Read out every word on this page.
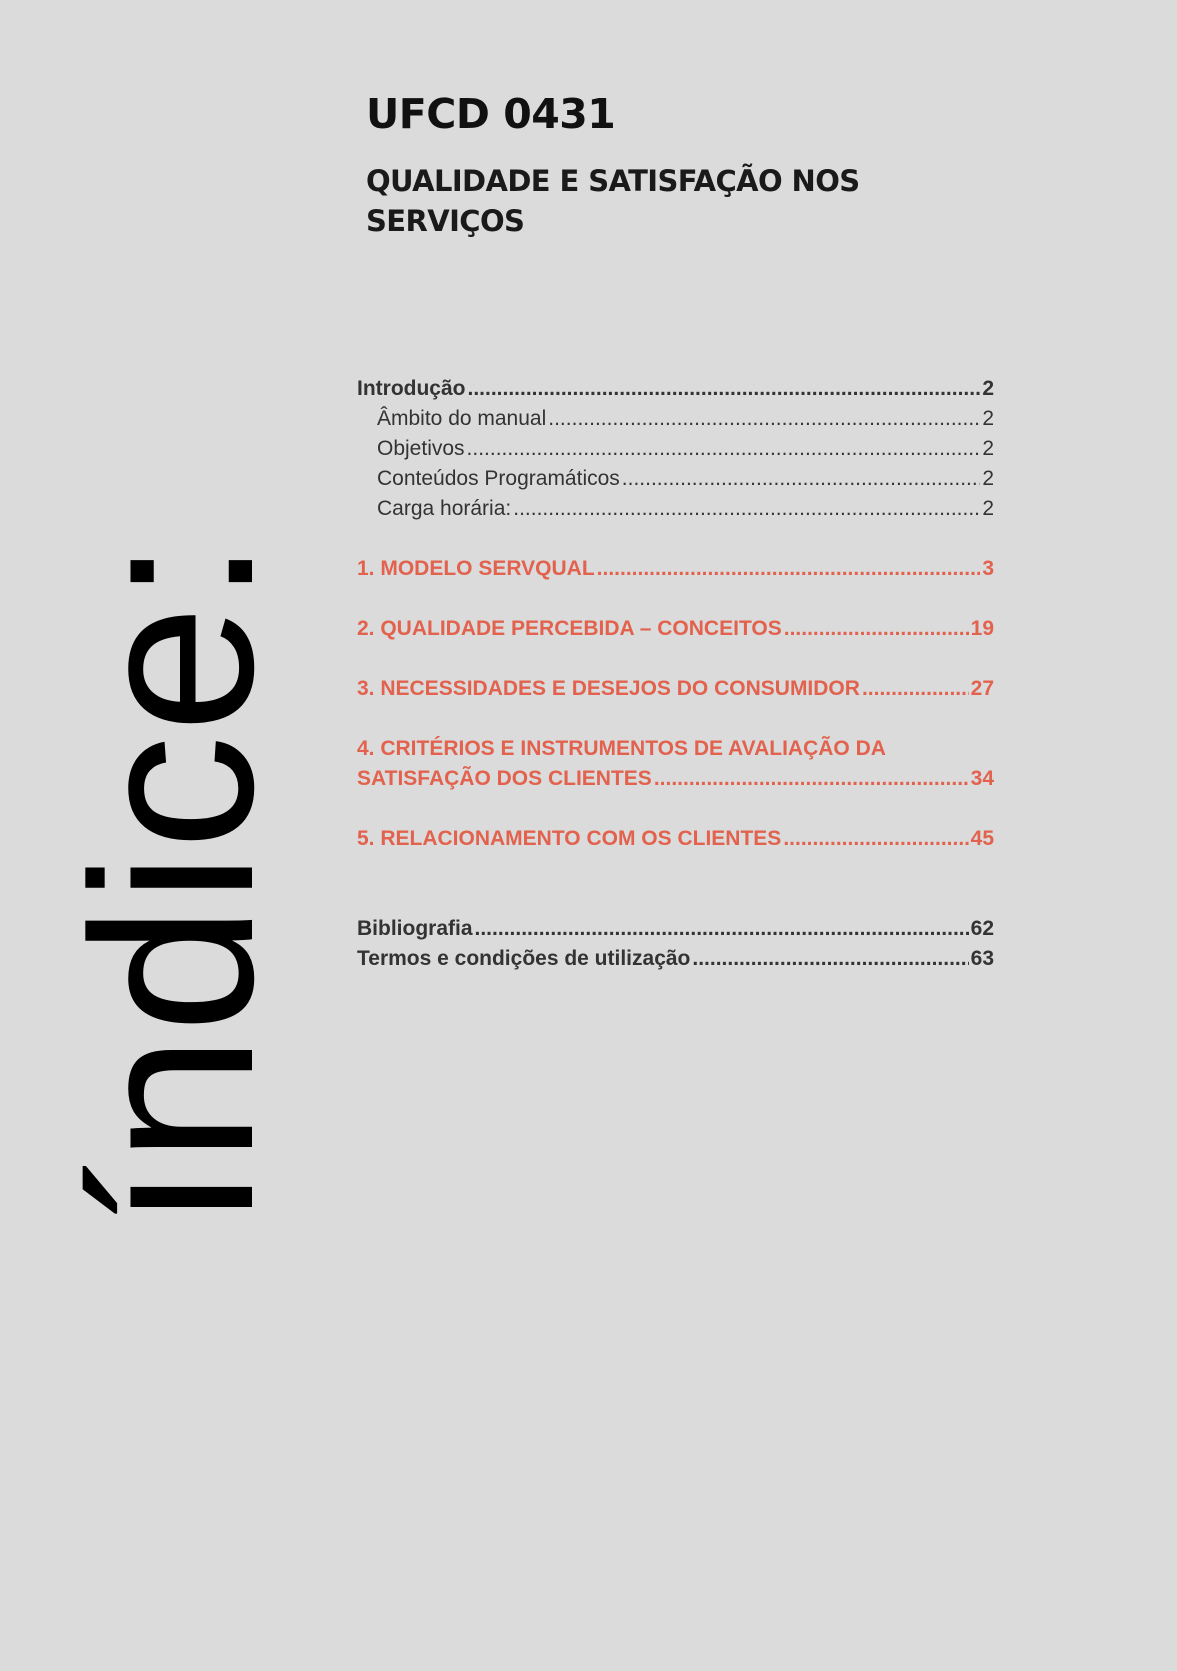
UFCD 0431
QUALIDADE E SATISFAÇÃO NOS SERVIÇOS
índice:
Introdução .....	2
Âmbito do manual .....	2
Objetivos .....	2
Conteúdos Programáticos .....	2
Carga horária: .....	2
1. MODELO SERVQUAL .....	3
2. QUALIDADE PERCEBIDA – CONCEITOS .....	19
3. NECESSIDADES E DESEJOS DO CONSUMIDOR .....	27
4. CRITÉRIOS E INSTRUMENTOS DE AVALIAÇÃO DA
SATISFAÇÃO DOS CLIENTES .....	34
5. RELACIONAMENTO COM OS CLIENTES .....	45
Bibliografia .....	62
Termos e condições de utilização .....	63
